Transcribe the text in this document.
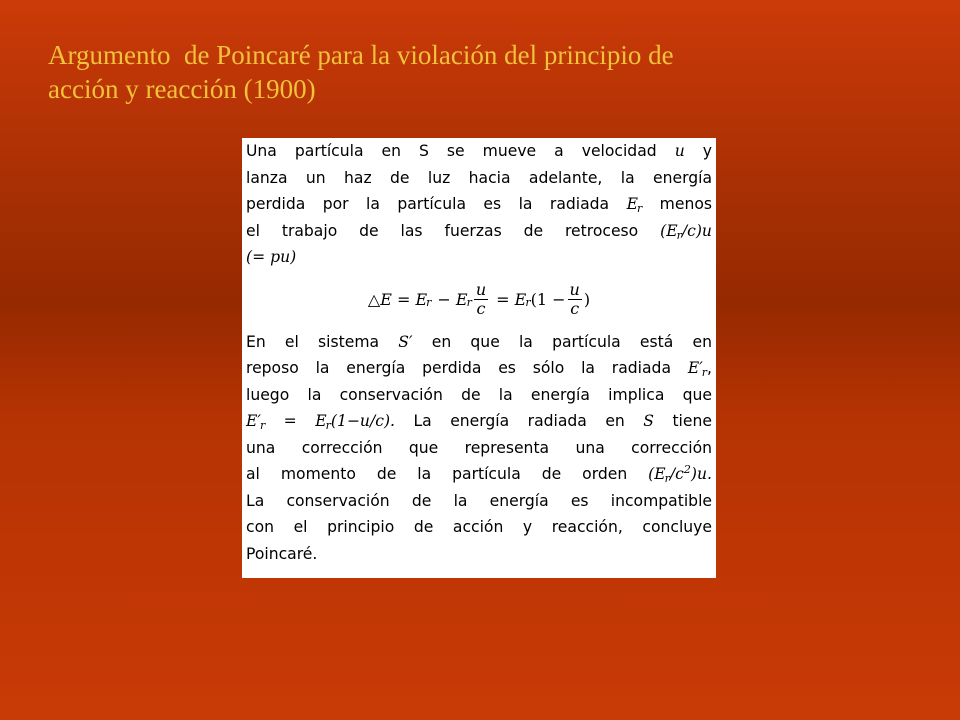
Argumento  de Poincaré para la violación del principio de
acción y reacción (1900)
Una partícula en S se mueve a velocidad u y
lanza un haz de luz hacia adelante, la energía
perdida por la partícula es la radiada Er menos
el trabajo de las fuerzas de retroceso (Er/c)u
(= pu)
△E = E r − E r $\frac{u}{c} = E$ r ($1 - \frac{u}{c}$ )
En el sistema S′ en que la partícula está en
reposo la energía perdida es sólo la radiada E′r,
luego la conservación de la energía implica que
E′r = Er(1−u/c). La energía radiada en S tiene
una corrección que representa una corrección
al momento de la partícula de orden $(Er/c^2)u$.
La conservación de la energía es incompatible
con el principio de acción y reacción, concluye
Poincaré.
